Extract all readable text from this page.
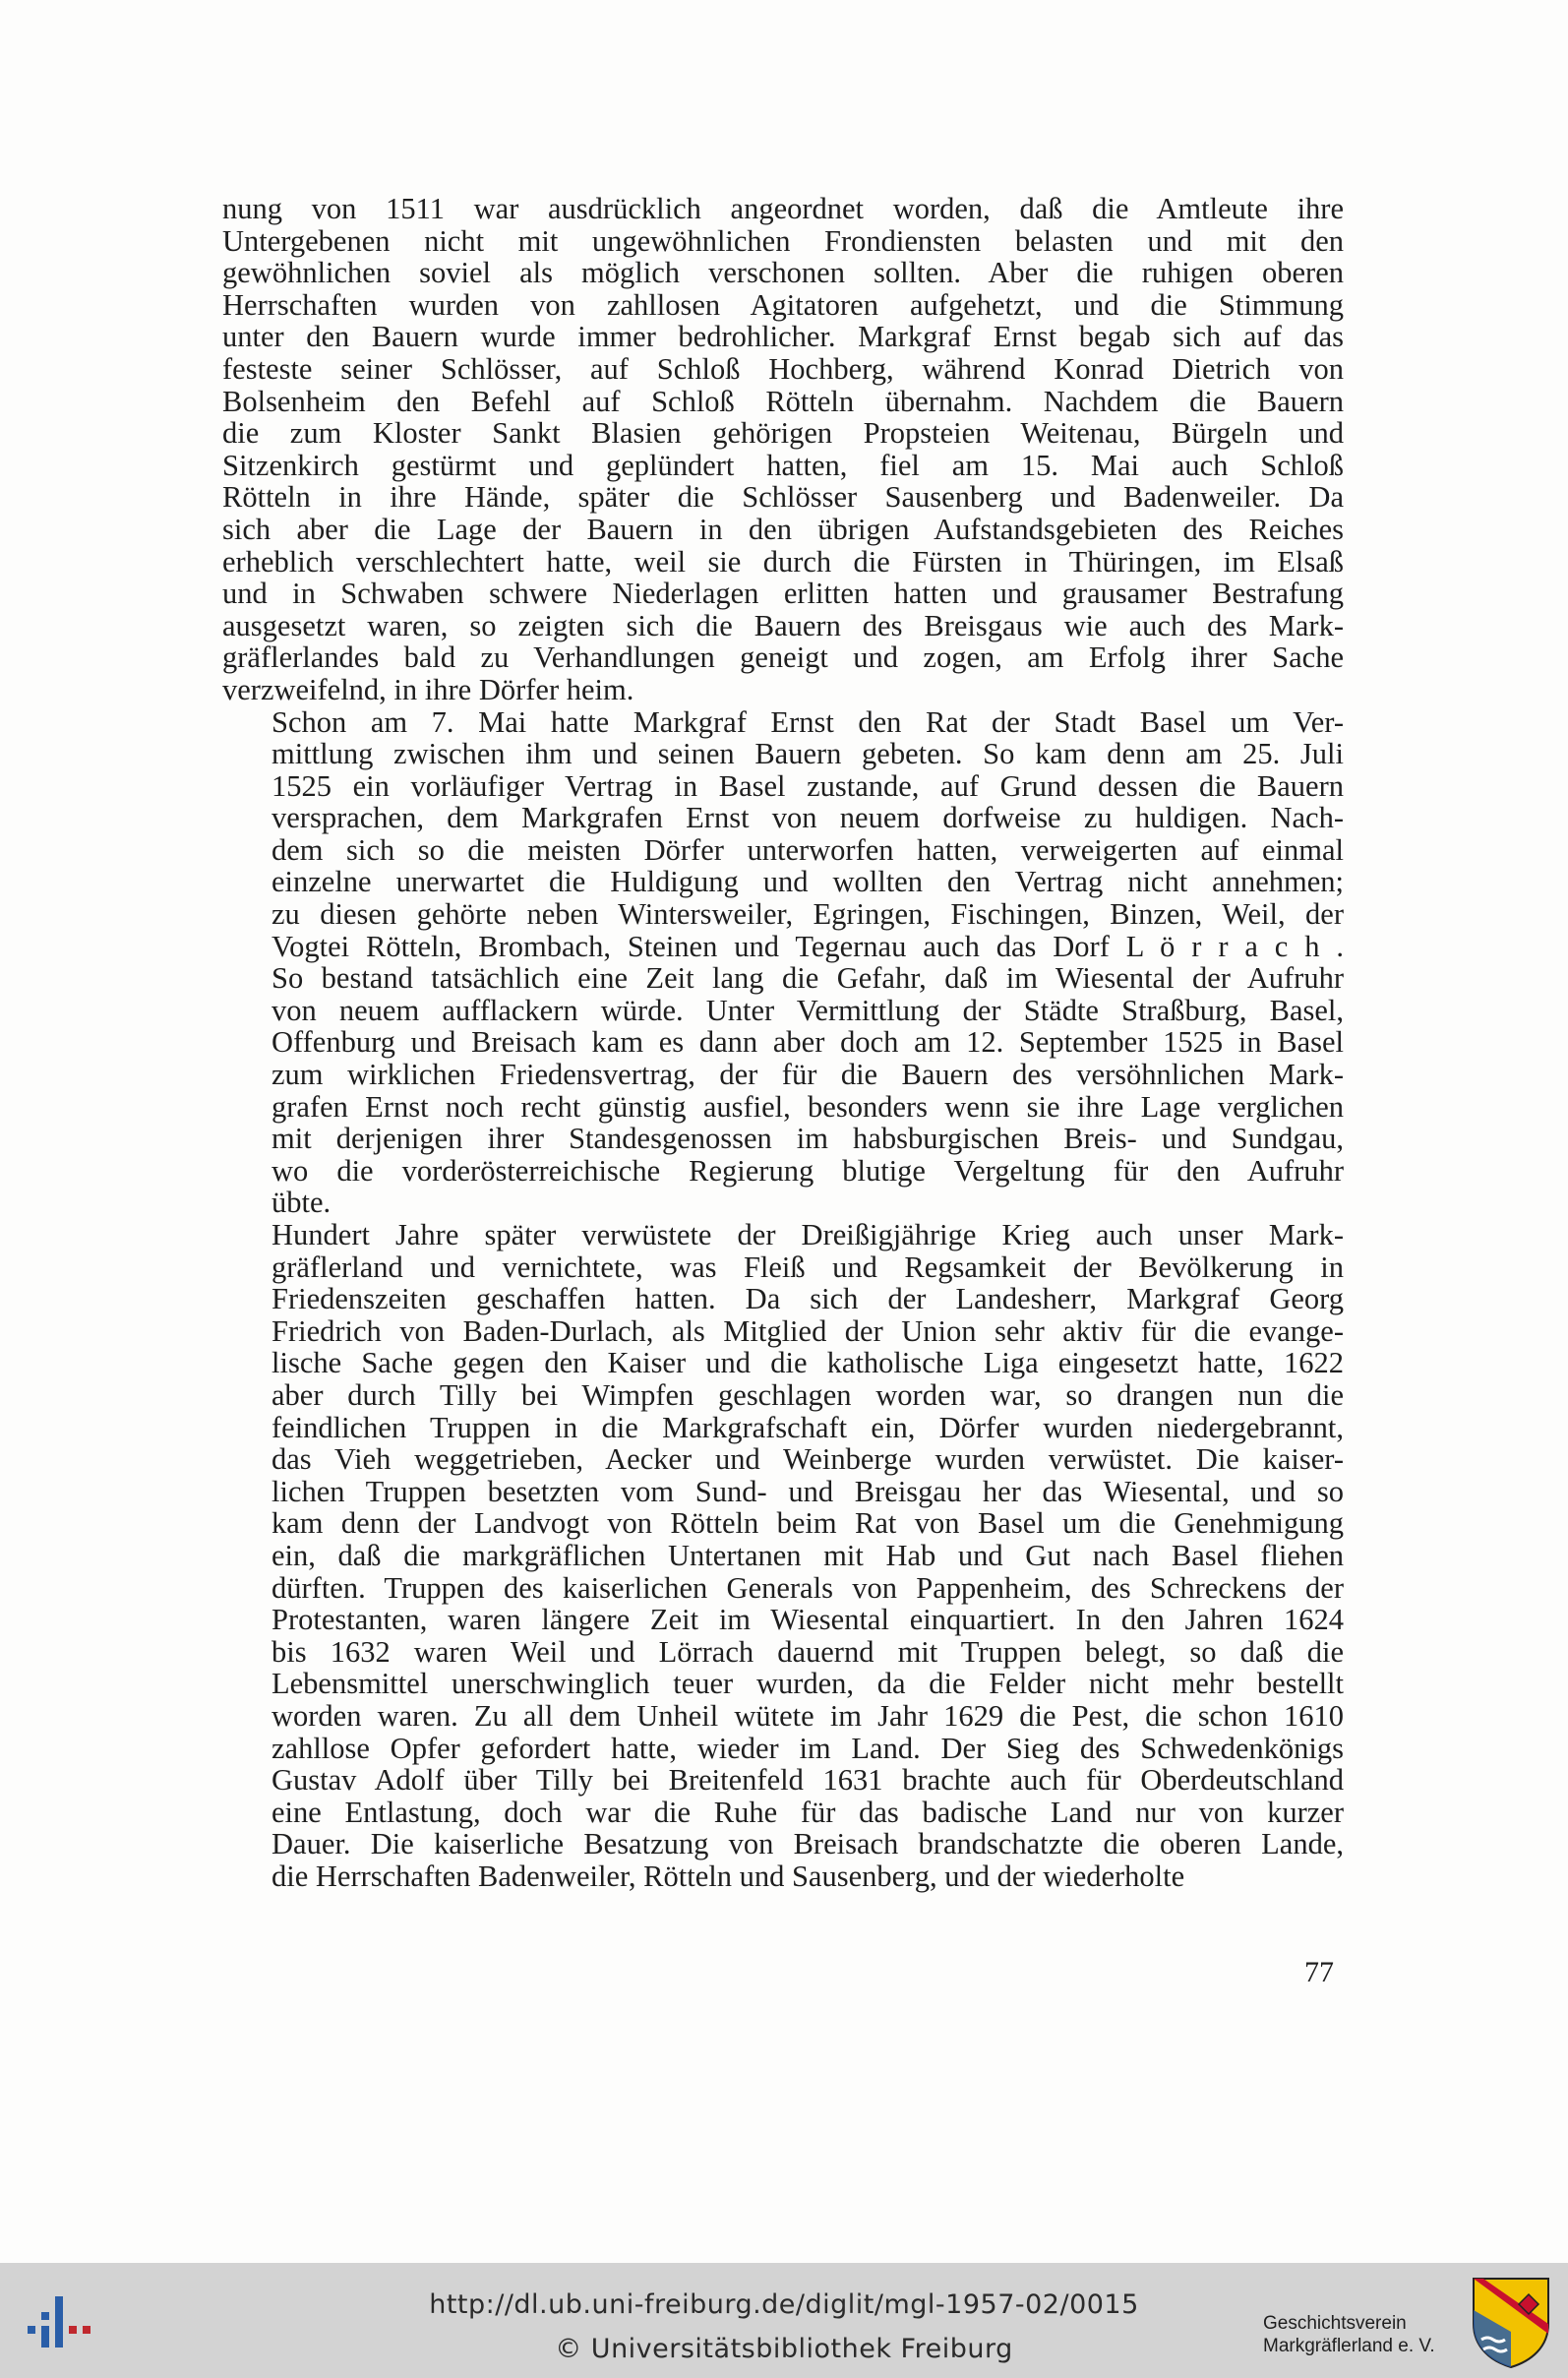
nung von 1511 war ausdrücklich angeordnet worden, daß die Amtleute ihre
Untergebenen nicht mit ungewöhnlichen Frondiensten belasten und mit den
gewöhnlichen soviel als möglich verschonen sollten. Aber die ruhigen oberen
Herrschaften wurden von zahllosen Agitatoren aufgehetzt, und die Stimmung
unter den Bauern wurde immer bedrohlicher. Markgraf Ernst begab sich auf das
festeste seiner Schlösser, auf Schloß Hochberg, während Konrad Dietrich von
Bolsenheim den Befehl auf Schloß Rötteln übernahm. Nachdem die Bauern
die zum Kloster Sankt Blasien gehörigen Propsteien Weitenau, Bürgeln und
Sitzenkirch gestürmt und geplündert hatten, fiel am 15. Mai auch Schloß
Rötteln in ihre Hände, später die Schlösser Sausenberg und Badenweiler. Da
sich aber die Lage der Bauern in den übrigen Aufstandsgebieten des Reiches
erheblich verschlechtert hatte, weil sie durch die Fürsten in Thüringen, im Elsaß
und in Schwaben schwere Niederlagen erlitten hatten und grausamer Bestrafung
ausgesetzt waren, so zeigten sich die Bauern des Breisgaus wie auch des Mark-
gräflerlandes bald zu Verhandlungen geneigt und zogen, am Erfolg ihrer Sache
verzweifelnd, in ihre Dörfer heim.
Schon am 7. Mai hatte Markgraf Ernst den Rat der Stadt Basel um Ver-
mittlung zwischen ihm und seinen Bauern gebeten. So kam denn am 25. Juli
1525 ein vorläufiger Vertrag in Basel zustande, auf Grund dessen die Bauern
versprachen, dem Markgrafen Ernst von neuem dorfweise zu huldigen. Nach-
dem sich so die meisten Dörfer unterworfen hatten, verweigerten auf einmal
einzelne unerwartet die Huldigung und wollten den Vertrag nicht annehmen;
zu diesen gehörte neben Wintersweiler, Egringen, Fischingen, Binzen, Weil, der
Vogtei Rötteln, Brombach, Steinen und Tegernau auch das Dorf L ö r r a c h .
So bestand tatsächlich eine Zeit lang die Gefahr, daß im Wiesental der Aufruhr
von neuem aufflackern würde. Unter Vermittlung der Städte Straßburg, Basel,
Offenburg und Breisach kam es dann aber doch am 12. September 1525 in Basel
zum wirklichen Friedensvertrag, der für die Bauern des versöhnlichen Mark-
grafen Ernst noch recht günstig ausfiel, besonders wenn sie ihre Lage verglichen
mit derjenigen ihrer Standesgenossen im habsburgischen Breis- und Sundgau,
wo die vorderösterreichische Regierung blutige Vergeltung für den Aufruhr
übte.
Hundert Jahre später verwüstete der Dreißigjährige Krieg auch unser Mark-
gräflerland und vernichtete, was Fleiß und Regsamkeit der Bevölkerung in
Friedenszeiten geschaffen hatten. Da sich der Landesherr, Markgraf Georg
Friedrich von Baden-Durlach, als Mitglied der Union sehr aktiv für die evange-
lische Sache gegen den Kaiser und die katholische Liga eingesetzt hatte, 1622
aber durch Tilly bei Wimpfen geschlagen worden war, so drangen nun die
feindlichen Truppen in die Markgrafschaft ein, Dörfer wurden niedergebrannt,
das Vieh weggetrieben, Aecker und Weinberge wurden verwüstet. Die kaiser-
lichen Truppen besetzten vom Sund- und Breisgau her das Wiesental, und so
kam denn der Landvogt von Rötteln beim Rat von Basel um die Genehmigung
ein, daß die markgräflichen Untertanen mit Hab und Gut nach Basel fliehen
dürften. Truppen des kaiserlichen Generals von Pappenheim, des Schreckens der
Protestanten, waren längere Zeit im Wiesental einquartiert. In den Jahren 1624
bis 1632 waren Weil und Lörrach dauernd mit Truppen belegt, so daß die
Lebensmittel unerschwinglich teuer wurden, da die Felder nicht mehr bestellt
worden waren. Zu all dem Unheil wütete im Jahr 1629 die Pest, die schon 1610
zahllose Opfer gefordert hatte, wieder im Land. Der Sieg des Schwedenkönigs
Gustav Adolf über Tilly bei Breitenfeld 1631 brachte auch für Oberdeutschland
eine Entlastung, doch war die Ruhe für das badische Land nur von kurzer
Dauer. Die kaiserliche Besatzung von Breisach brandschatzte die oberen Lande,
die Herrschaften Badenweiler, Rötteln und Sausenberg, und der wiederholte
77
http://dl.ub.uni-freiburg.de/diglit/mgl-1957-02/0015
© Universitätsbibliothek Freiburg
Geschichtsverein
Markgräflerland e. V.
